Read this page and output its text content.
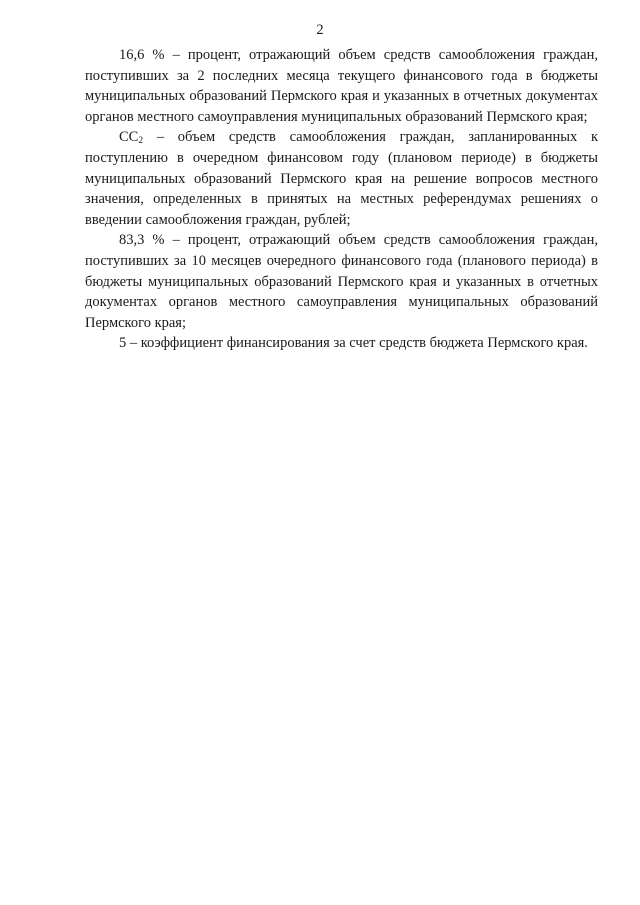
2

16,6 % – процент, отражающий объем средств самообложения граждан, поступивших за 2 последних месяца текущего финансового года в бюджеты муниципальных образований Пермского края и указанных в отчетных документах органов местного самоуправления муниципальных образований Пермского края;

$СС_2$ – объем средств самообложения граждан, запланированных к поступлению в очередном финансовом году (плановом периоде) в бюджеты муниципальных образований Пермского края на решение вопросов местного значения, определенных в принятых на местных референдумах решениях о введении самообложения граждан, рублей;

83,3 % – процент, отражающий объем средств самообложения граждан, поступивших за 10 месяцев очередного финансового года (планового периода) в бюджеты муниципальных образований Пермского края и указанных в отчетных документах органов местного самоуправления муниципальных образований Пермского края;

5 – коэффициент финансирования за счет средств бюджета Пермского края.
